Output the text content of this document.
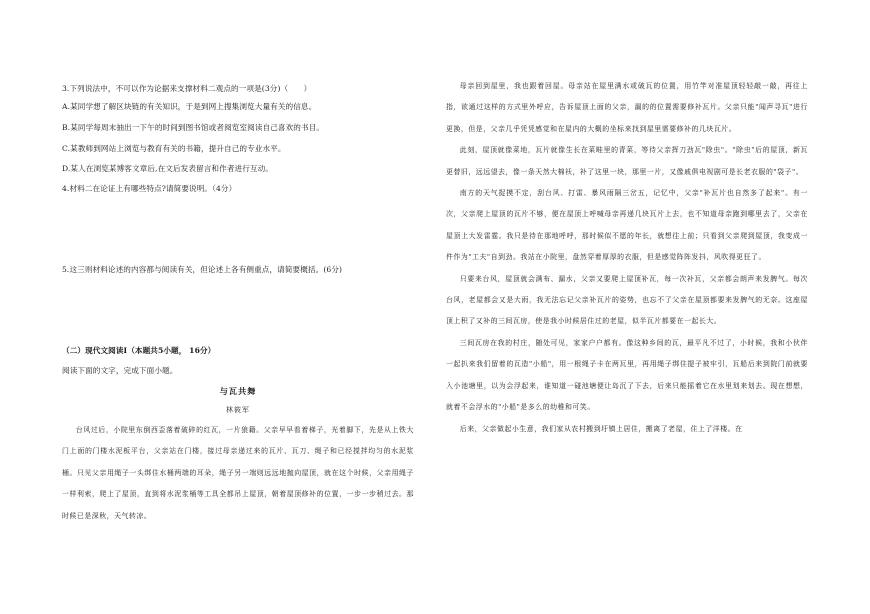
3.下列说法中，不可以作为论据来支撑材料二观点的一项是(3分)（　　）
A.某同学想了解区块链的有关知识，于是到网上搜集浏览大量有关的信息。
B.某同学每周末抽出一下午的时间到图书馆或者阅览室阅读自己喜欢的书目。
C.某教师到网站上浏览与教育有关的书籍，提升自己的专业水平。
D.某人在浏览某博客文章后,在文后发表留言和作者进行互动。
4.材料二在论证上有哪些特点?请简要说明。（4分）
5.这三则材料论述的内容都与阅读有关，但论述上各有侧重点，请简要概括。(6分)
（二）现代文阅读Ⅰ（本题共5小题， 16分）
阅读下面的文字，完成下面小题。
与瓦共舞
林筱军

台风过后，小院里东倒西歪落着破碎的红瓦，一片狼籍。父亲早早看着梯子，光着脚下，先是从上铁大门上面的门楼水泥板平台，父亲站在门楼，接过母亲递过来的瓦片、瓦刀、绳子和已经搅拌均匀的水泥浆桶。只见父亲用绳子一头绑住水桶两端的耳朵，绳子另一端则远远地抛向屋顶，就在这个时候，父亲用绳子一样利索，爬上了屋顶，直到将水泥浆桶等工具全都吊上屋顶，朝着屋顶修补的位置，一步一步稍过去。那时候已是深秋，天气转凉。

母亲回到屋里，我也跟着回屋。母亲站在屋里满水或破瓦的位置，用竹竿对准屋顶轻轻敲一敲，再往上指，欲通过这样的方式里外呼应，告诉屋顶上面的父亲，漏的的位置需要修补瓦片。父亲只能"闻声寻瓦"进行更换，但是，父亲几乎凭凭感觉和在屋内的大概的坐标来找到屋里需要修补的几块瓦片。

此刻，屋顶就像菜地，瓦片就像生长在菜畦里的青菜，等待父亲挥刀劲瓦"除虫"。"除虫"后的屋顶，新瓦更替旧，远远望去，像一条天然大棉袄，补了这里一块，那里一片，又像戚俱电视剧可是长老衣服的"袋子"。

南方的天气捉摸不定，刮台风、打雷、暴风雨隔三岔五，记忆中，父亲"补瓦片也自然多了起来"。有一次，父亲爬上屋顶的瓦片不够，便在屋顶上呼喊母亲再递几块瓦片上去，也不知道母亲跑到哪里去了，父亲在屋顶上大发雷霆。我只是待在那地呼呼，那时候似不愿的年长，就想往上前；只看到父亲爬到屋顶，我变成一件作为"工夫"自到劲。我站在小院里，盘然穿着厚厚的衣服，但是感觉阵阵发抖，风吹得更狂了。

只要来台风，屋顶就会满布、漏水，父亲又要爬上屋顶补瓦，每一次补瓦，父亲都会朗声来发脾气。每次台风，老屋都会又是大雨，我无法忘记父亲补瓦片的姿势，也忘不了父亲在屋顶都要来发脾气的无奈。这座屋顶上积了又补的三间瓦房，使是我小时候居住过的老屋，似半瓦片都要在一起长大。

三间瓦房在我的村庄，随处可见，家家户户都有。像这种乡间的瓦，最平凡不过了，小时候，我和小伙伴一起扒来我们留着的瓦造"小船"，用一根绳子卡在两瓦里，再用绳子绑住提子被牢引，瓦船后来到院门前就要入小池塘里，以为会浮起来，谁知道一碰池塘便让岛沉了下去，后来只能摇着它在水里划来划去。现在想想，就着不会浮水的"小船"是多么的幼稚和可笑。

后来，父亲做起小生意，我们家从农村搬到圩镇上居住，搬离了老屋，住上了洋楼。在
